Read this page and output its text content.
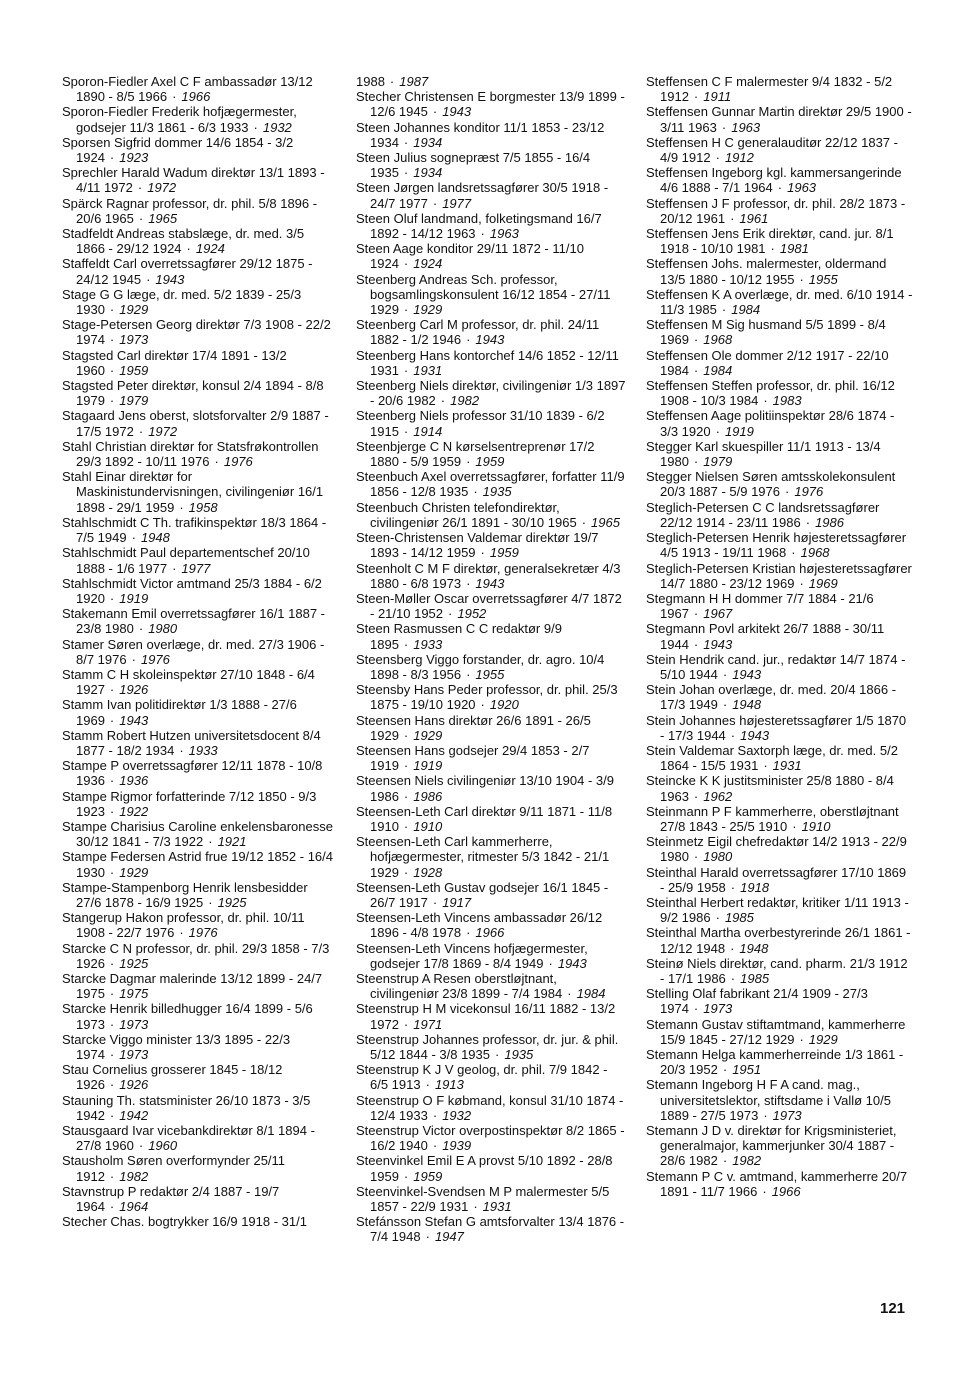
Sporon-Fiedler Axel C F ambassadør 13/12 1890 - 8/5 1966 · 1966

Sporon-Fiedler Frederik hofjægermester, godsejer 11/3 1861 - 6/3 1933 · 1932

Sporsen Sigfrid dommer 14/6 1854 - 3/2 1924 · 1923

Sprechler Harald Wadum direktør 13/1 1893 - 4/11 1972 · 1972

Spärck Ragnar professor, dr. phil. 5/8 1896 - 20/6 1965 · 1965

Stadfeldt Andreas stabslæge, dr. med. 3/5 1866 - 29/12 1924 · 1924

Staffeldt Carl overretssagfører 29/12 1875 - 24/12 1945 · 1943

Stage G G læge, dr. med. 5/2 1839 - 25/3 1930 · 1929

Stage-Petersen Georg direktør 7/3 1908 - 22/2 1974 · 1973

Stagsted Carl direktør 17/4 1891 - 13/2 1960 · 1959

Stagsted Peter direktør, konsul 2/4 1894 - 8/8 1979 · 1979

Stagaard Jens oberst, slotsforvalter 2/9 1887 - 17/5 1972 · 1972

Stahl Christian direktør for Statsfrøkontrollen 29/3 1892 - 10/11 1976 · 1976

Stahl Einar direktør for Maskinistundervisningen, civilingeniør 16/1 1898 - 29/1 1959 · 1958

Stahlschmidt C Th. trafikinspektør 18/3 1864 - 7/5 1949 · 1948

Stahlschmidt Paul departementschef 20/10 1888 - 1/6 1977 · 1977

Stahlschmidt Victor amtmand 25/3 1884 - 6/2 1920 · 1919

Stakemann Emil overretssagfører 16/1 1887 - 23/8 1980 · 1980

Stamer Søren overlæge, dr. med. 27/3 1906 - 8/7 1976 · 1976

Stamm C H skoleinspektør 27/10 1848 - 6/4 1927 · 1926

Stamm Ivan politidirektør 1/3 1888 - 27/6 1969 · 1943

Stamm Robert Hutzen universitetsdocent 8/4 1877 - 18/2 1934 · 1933

Stampe P overretssagfører 12/11 1878 - 10/8 1936 · 1936

Stampe Rigmor forfatterinde 7/12 1850 - 9/3 1923 · 1922

Stampe Charisius Caroline enkelensbaronesse 30/12 1841 - 7/3 1922 · 1921

Stampe Federsen Astrid frue 19/12 1852 - 16/4 1930 · 1929

Stampe-Stampenborg Henrik lensbesidder 27/6 1878 - 16/9 1925 · 1925

Stangerup Hakon professor, dr. phil. 10/11 1908 - 22/7 1976 · 1976

Starcke C N professor, dr. phil. 29/3 1858 - 7/3 1926 · 1925

Starcke Dagmar malerinde 13/12 1899 - 24/7 1975 · 1975

Starcke Henrik billedhugger 16/4 1899 - 5/6 1973 · 1973

Starcke Viggo minister 13/3 1895 - 22/3 1974 · 1973

Stau Cornelius grosserer 1845 - 18/12 1926 · 1926

Stauning Th. statsminister 26/10 1873 - 3/5 1942 · 1942

Stausgaard Ivar vicebankdirektør 8/1 1894 - 27/8 1960 · 1960

Stausholm Søren overformynder 25/11 1912 · 1982

Stavnstrup P redaktør 2/4 1887 - 19/7 1964 · 1964

Stecher Chas. bogtrykker 16/9 1918 - 31/1

1988 · 1987

Stecher Christensen E borgmester 13/9 1899 - 12/6 1945 · 1943

Steen Johannes konditor 11/1 1853 - 23/12 1934 · 1934

Steen Julius sognepræst 7/5 1855 - 16/4 1935 · 1934

Steen Jørgen landsretssagfører 30/5 1918 - 24/7 1977 · 1977

Steen Oluf landmand, folketingsmand 16/7 1892 - 14/12 1963 · 1963

Steen Aage konditor 29/11 1872 - 11/10 1924 · 1924

Steenberg Andreas Sch. professor, bogsamlingskonsulent 16/12 1854 - 27/11 1929 · 1929

Steenberg Carl M professor, dr. phil. 24/11 1882 - 1/2 1946 · 1943

Steenberg Hans kontorchef 14/6 1852 - 12/11 1931 · 1931

Steenberg Niels direktør, civilingeniør 1/3 1897 - 20/6 1982 · 1982

Steenberg Niels professor 31/10 1839 - 6/2 1915 · 1914

Steenbjerge C N kørselsentreprenør 17/2 1880 - 5/9 1959 · 1959

Steenbuch Axel overretssagfører, forfatter 11/9 1856 - 12/8 1935 · 1935

Steenbuch Christen telefondirektør, civilingeniør 26/1 1891 - 30/10 1965 · 1965

Steen-Christensen Valdemar direktør 19/7 1893 - 14/12 1959 · 1959

Steenholt C M F direktør, generalsekretær 4/3 1880 - 6/8 1973 · 1943

Steen-Møller Oscar overretssagfører 4/7 1872 - 21/10 1952 · 1952

Steen Rasmussen C C redaktør 9/9 1895 · 1933

Steensberg Viggo forstander, dr. agro. 10/4 1898 - 8/3 1956 · 1955

Steensby Hans Peder professor, dr. phil. 25/3 1875 - 19/10 1920 · 1920

Steensen Hans direktør 26/6 1891 - 26/5 1929 · 1929

Steensen Hans godsejer 29/4 1853 - 2/7 1919 · 1919

Steensen Niels civilingeniør 13/10 1904 - 3/9 1986 · 1986

Steensen-Leth Carl direktør 9/11 1871 - 11/8 1910 · 1910

Steensen-Leth Carl kammerherre, hofjægermester, ritmester 5/3 1842 - 21/1 1929 · 1928

Steensen-Leth Gustav godsejer 16/1 1845 - 26/7 1917 · 1917

Steensen-Leth Vincens ambassadør 26/12 1896 - 4/8 1978 · 1966

Steensen-Leth Vincens hofjægermester, godsejer 17/8 1869 - 8/4 1949 · 1943

Steenstrup A Resen oberstløjtnant, civilingeniør 23/8 1899 - 7/4 1984 · 1984

Steenstrup H M vicekonsul 16/11 1882 - 13/2 1972 · 1971

Steenstrup Johannes professor, dr. jur. & phil. 5/12 1844 - 3/8 1935 · 1935

Steenstrup K J V geolog, dr. phil. 7/9 1842 - 6/5 1913 · 1913

Steenstrup O F købmand, konsul 31/10 1874 - 12/4 1933 · 1932

Steenstrup Victor overpostinspektør 8/2 1865 - 16/2 1940 · 1939

Steenvinkel Emil E A provst 5/10 1892 - 28/8 1959 · 1959

Steenvinkel-Svendsen M P malermester 5/5 1857 - 22/9 1931 · 1931

Stefánsson Stefan G amtsforvalter 13/4 1876 - 7/4 1948 · 1947

Steffensen C F malermester 9/4 1832 - 5/2 1912 · 1911

Steffensen Gunnar Martin direktør 29/5 1900 - 3/11 1963 · 1963

Steffensen H C generalauditør 22/12 1837 - 4/9 1912 · 1912

Steffensen Ingeborg kgl. kammersangerinde 4/6 1888 - 7/1 1964 · 1963

Steffensen J F professor, dr. phil. 28/2 1873 - 20/12 1961 · 1961

Steffensen Jens Erik direktør, cand. jur. 8/1 1918 - 10/10 1981 · 1981

Steffensen Johs. malermester, oldermand 13/5 1880 - 10/12 1955 · 1955

Steffensen K A overlæge, dr. med. 6/10 1914 - 11/3 1985 · 1984

Steffensen M Sig husmand 5/5 1899 - 8/4 1969 · 1968

Steffensen Ole dommer 2/12 1917 - 22/10 1984 · 1984

Steffensen Steffen professor, dr. phil. 16/12 1908 - 10/3 1984 · 1983

Steffensen Aage politiinspektør 28/6 1874 - 3/3 1920 · 1919

Stegger Karl skuespiller 11/1 1913 - 13/4 1980 · 1979

Stegger Nielsen Søren amtsskolekonsulent 20/3 1887 - 5/9 1976 · 1976

Steglich-Petersen C C landsretssagfører 22/12 1914 - 23/11 1986 · 1986

Steglich-Petersen Henrik højesteretssagfører 4/5 1913 - 19/11 1968 · 1968

Steglich-Petersen Kristian højesteretssagfører 14/7 1880 - 23/12 1969 · 1969

Stegmann H H dommer 7/7 1884 - 21/6 1967 · 1967

Stegmann Povl arkitekt 26/7 1888 - 30/11 1944 · 1943

Stein Hendrik cand. jur., redaktør 14/7 1874 - 5/10 1944 · 1943

Stein Johan overlæge, dr. med. 20/4 1866 - 17/3 1949 · 1948

Stein Johannes højesteretssagfører 1/5 1870 - 17/3 1944 · 1943

Stein Valdemar Saxtorph læge, dr. med. 5/2 1864 - 15/5 1931 · 1931

Steincke K K justitsminister 25/8 1880 - 8/4 1963 · 1962

Steinmann P F kammerherre, oberstløjtnant 27/8 1843 - 25/5 1910 · 1910

Steinmetz Eigil chefredaktør 14/2 1913 - 22/9 1980 · 1980

Steinthal Harald overretssagfører 17/10 1869 - 25/9 1958 · 1918

Steinthal Herbert redaktør, kritiker 1/11 1913 - 9/2 1986 · 1985

Steinthal Martha overbestyrerinde 26/1 1861 - 12/12 1948 · 1948

Steinø Niels direktør, cand. pharm. 21/3 1912 - 17/1 1986 · 1985

Stelling Olaf fabrikant 21/4 1909 - 27/3 1974 · 1973

Stemann Gustav stiftamtmand, kammerherre 15/9 1845 - 27/12 1929 · 1929

Stemann Helga kammerherreinde 1/3 1861 - 20/3 1952 · 1951

Stemann Ingeborg H F A cand. mag., universitetslektor, stiftsdame i Vallø 10/5 1889 - 27/5 1973 · 1973

Stemann J D v. direktør for Krigsministeriet, generalmajor, kammerjunker 30/4 1887 - 28/6 1982 · 1982

Stemann P C v. amtmand, kammerherre 20/7 1891 - 11/7 1966 · 1966

121
